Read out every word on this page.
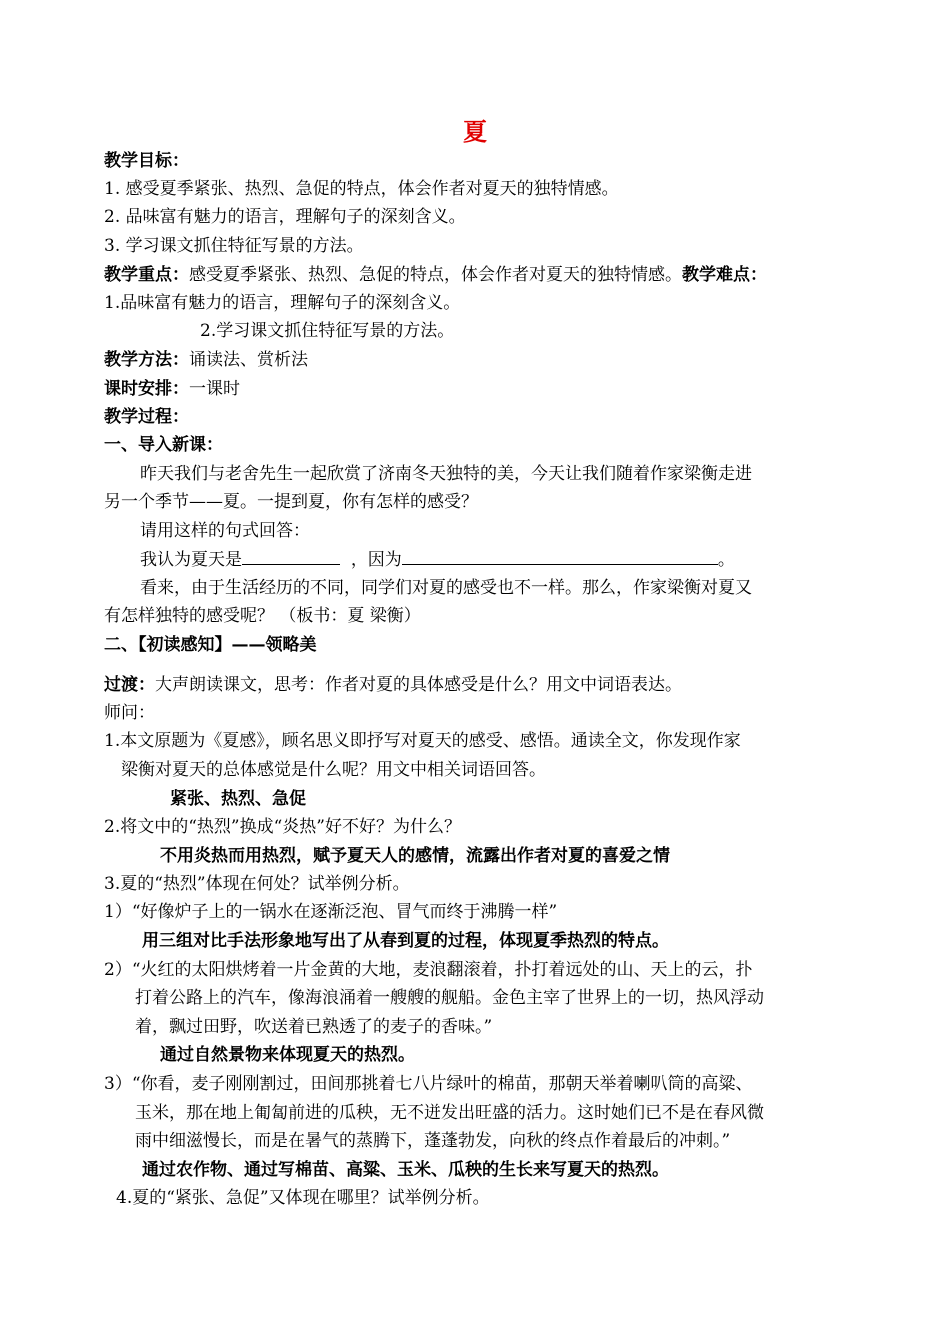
夏
教学目标：
1. 感受夏季紧张、热烈、急促的特点，体会作者对夏天的独特情感。
2. 品味富有魅力的语言，理解句子的深刻含义。
3. 学习课文抓住特征写景的方法。
教学重点：感受夏季紧张、热烈、急促的特点，体会作者对夏天的独特情感。教学难点：
1.品味富有魅力的语言，理解句子的深刻含义。
2.学习课文抓住特征写景的方法。
教学方法：诵读法、赏析法
课时安排：一课时
教学过程：
一、导入新课：
昨天我们与老舍先生一起欣赏了济南冬天独特的美，今天让我们随着作家梁衡走进
另一个季节——夏。一提到夏，你有怎样的感受？
请用这样的句式回答：
我认为夏天是	，因为	。
看来，由于生活经历的不同，同学们对夏的感受也不一样。那么，作家梁衡对夏又
有怎样独特的感受呢？ （板书：夏 梁衡）
二、【初读感知】——领略美
过渡：大声朗读课文，思考：作者对夏的具体感受是什么？用文中词语表达。
师问：
1.本文原题为《夏感》，顾名思义即抒写对夏天的感受、感悟。通读全文，你发现作家
梁衡对夏天的总体感觉是什么呢？用文中相关词语回答。
紧张、热烈、急促
2.将文中的“热烈”换成“炎热”好不好？为什么？
不用炎热而用热烈，赋予夏天人的感情，流露出作者对夏的喜爱之情
3.夏的“热烈”体现在何处？试举例分析。
1）“好像炉子上的一锅水在逐渐泛泡、冒气而终于沸腾一样”
用三组对比手法形象地写出了从春到夏的过程，体现夏季热烈的特点。
2）“火红的太阳烘烤着一片金黄的大地，麦浪翻滚着，扑打着远处的山、天上的云，扑
打着公路上的汽车，像海浪涌着一艘艘的舰船。金色主宰了世界上的一切，热风浮动
着，飘过田野，吹送着已熟透了的麦子的香味。”
通过自然景物来体现夏天的热烈。
3）“你看，麦子刚刚割过，田间那挑着七八片绿叶的棉苗，那朝天举着喇叭筒的高粱、
玉米，那在地上匍匐前进的瓜秧，无不迸发出旺盛的活力。这时她们已不是在春风微
雨中细滋慢长，而是在暑气的蒸腾下，蓬蓬勃发，向秋的终点作着最后的冲刺。”
通过农作物、通过写棉苗、高粱、玉米、瓜秧的生长来写夏天的热烈。
4.夏的“紧张、急促”又体现在哪里？试举例分析。
